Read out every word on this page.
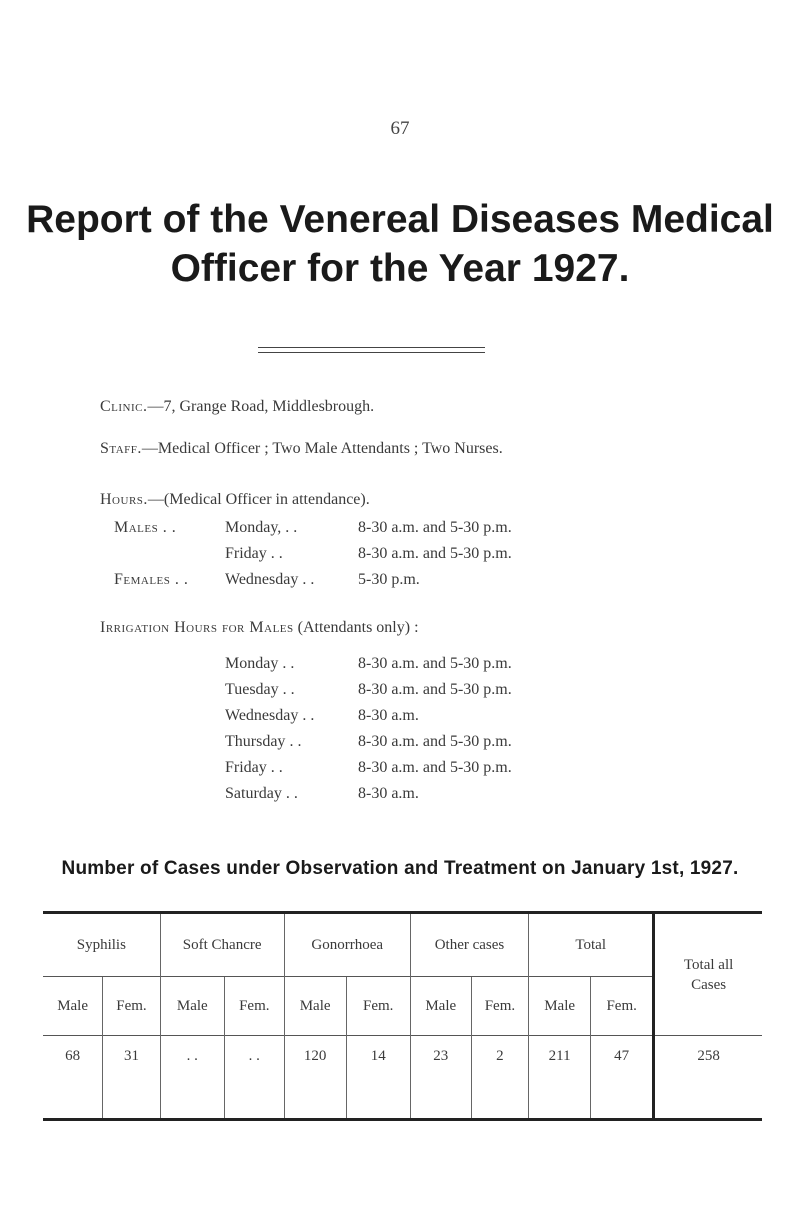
67
Report of the Venereal Diseases Medical
Officer for the Year 1927.
Clinic.—7, Grange Road, Middlesbrough.
Staff.—Medical Officer ; Two Male Attendants ; Two Nurses.
Hours.—(Medical Officer in attendance).
Males . .	Monday, . .	8-30 a.m. and 5-30 p.m.
Friday . .	8-30 a.m. and 5-30 p.m.
Females . . Wednesday . .	5-30 p.m.
Irrigation Hours for Males (Attendants only) :
Monday . .	8-30 a.m. and 5-30 p.m.
Tuesday . .	8-30 a.m. and 5-30 p.m.
Wednesday . .	8-30 a.m.
Thursday . .	8-30 a.m. and 5-30 p.m.
Friday . .	8-30 a.m. and 5-30 p.m.
Saturday . .	8-30 a.m.
Number of Cases under Observation and Treatment on January 1st, 1927.
Syphilis		Soft Chancre		Gonorrhoea		Other cases		Total		Total all Cases

Male	Fem.	Male	Fem.	Male	Fem.	Male	Fem.	Male	Fem.	
68	31	. .	. .	120	14	23	2	211	47	258
